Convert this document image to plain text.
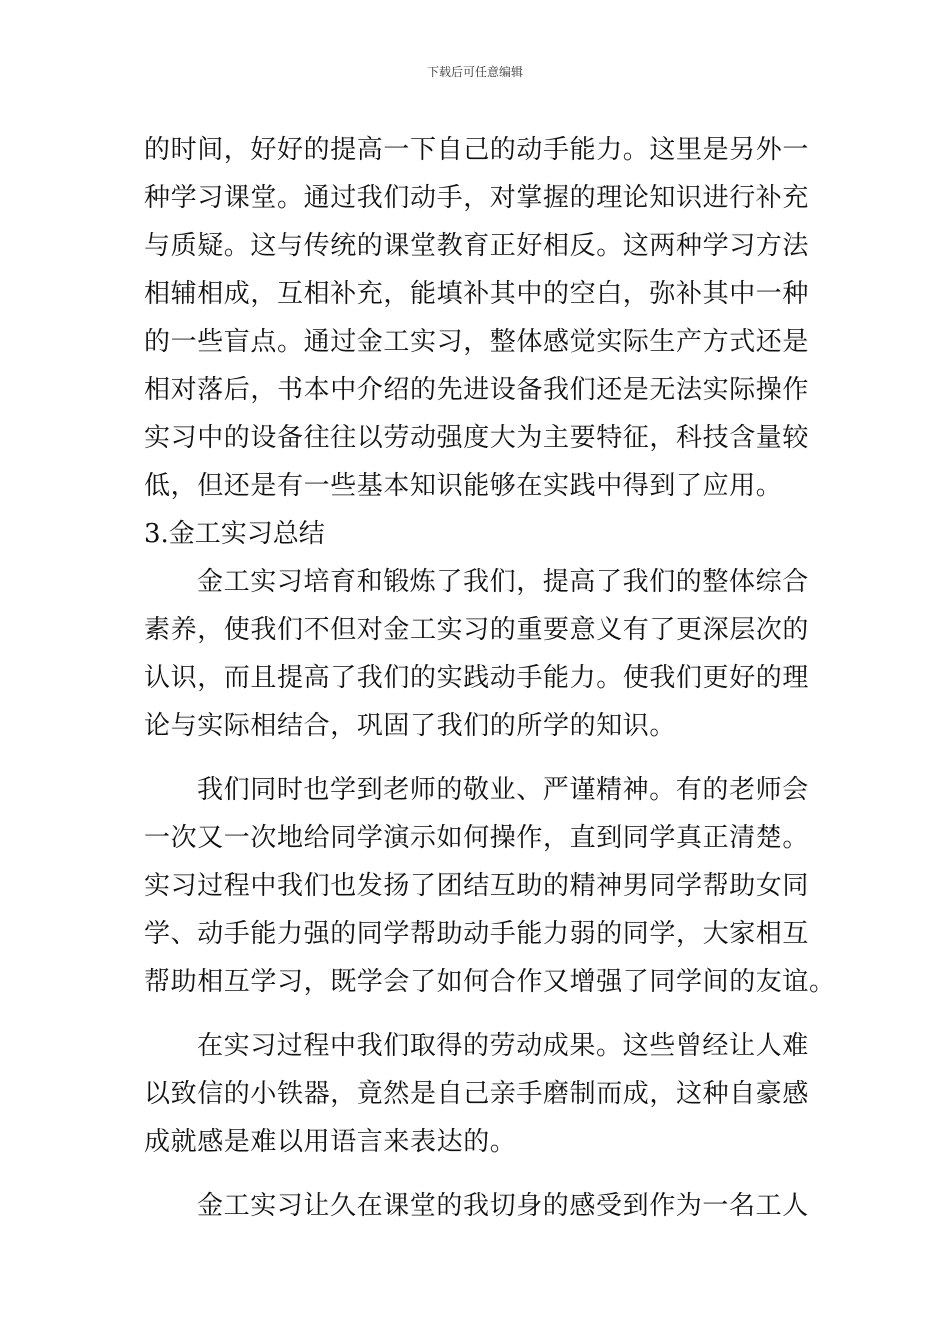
下载后可任意编辑
的时间，好好的提高一下自己的动手能力。这里是另外一
种学习课堂。通过我们动手，对掌握的理论知识进行补充
与质疑。这与传统的课堂教育正好相反。这两种学习方法
相辅相成，互相补充，能填补其中的空白，弥补其中一种
的一些盲点。通过金工实习，整体感觉实际生产方式还是
相对落后，书本中介绍的先进设备我们还是无法实际操作
实习中的设备往往以劳动强度大为主要特征，科技含量较
低，但还是有一些基本知识能够在实践中得到了应用。
3.金工实习总结
金工实习培育和锻炼了我们，提高了我们的整体综合
素养，使我们不但对金工实习的重要意义有了更深层次的
认识，而且提高了我们的实践动手能力。使我们更好的理
论与实际相结合，巩固了我们的所学的知识。
我们同时也学到老师的敬业、严谨精神。有的老师会
一次又一次地给同学演示如何操作，直到同学真正清楚。
实习过程中我们也发扬了团结互助的精神男同学帮助女同
学、动手能力强的同学帮助动手能力弱的同学，大家相互
帮助相互学习，既学会了如何合作又增强了同学间的友谊。
在实习过程中我们取得的劳动成果。这些曾经让人难
以致信的小铁器，竟然是自己亲手磨制而成，这种自豪感
成就感是难以用语言来表达的。
金工实习让久在课堂的我切身的感受到作为一名工人
